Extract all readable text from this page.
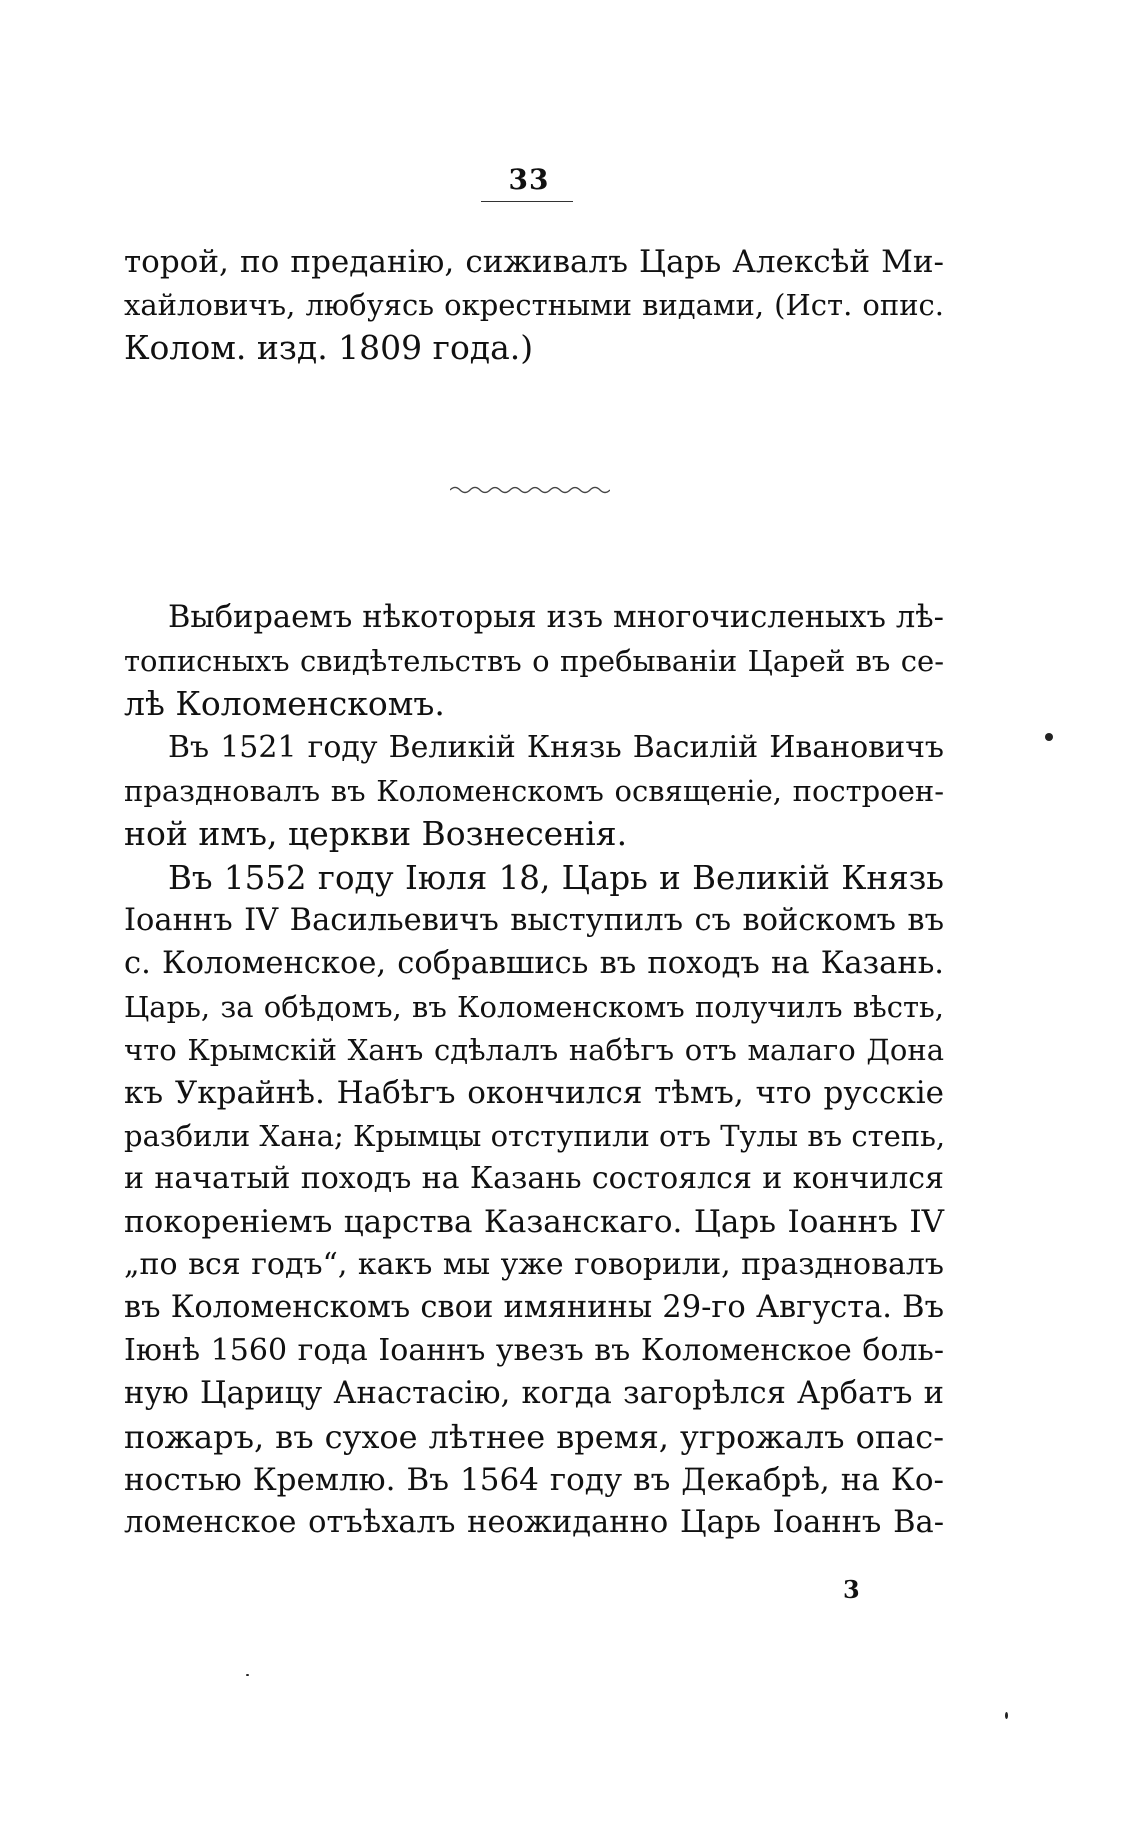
33

торой, по преданію, сиживалъ Царь Алексѣй Ми-

хайловичъ, любуясь окрестными видами, (Ист. опис.

Колом. изд. 1809 года.)

Выбираемъ нѣкоторыя изъ многочисленыхъ лѣ-

тописныхъ свидѣтельствъ о пребываніи Царей въ се-

лѣ Коломенскомъ.

Въ 1521 году Великій Князь Василій Ивановичъ

праздновалъ въ Коломенскомъ освященіе, построен-

ной имъ, церкви Вознесенія.

Въ 1552 году Іюля 18, Царь и Великій Князь

Іоаннъ IV Васильевичъ выступилъ съ войскомъ въ

с. Коломенское, собравшись въ походъ на Казань.

Царь, за обѣдомъ, въ Коломенскомъ получилъ вѣсть,

что Крымскій Ханъ сдѣлалъ набѣгъ отъ малаго Дона

къ Украйнѣ. Набѣгъ окончился тѣмъ, что русскіе

разбили Хана; Крымцы отступили отъ Тулы въ степь,

и начатый походъ на Казань состоялся и кончился

покореніемъ царства Казанскаго. Царь Іоаннъ IV

„по вся годъ“, какъ мы уже говорили, праздновалъ

въ Коломенскомъ свои имянины 29-го Августа. Въ

Іюнѣ 1560 года Іоаннъ увезъ въ Коломенское боль-

ную Царицу Анастасію, когда загорѣлся Арбатъ и

пожаръ, въ сухое лѣтнее время, угрожалъ опас-

ностью Кремлю. Въ 1564 году въ Декабрѣ, на Ко-

ломенское отъѣхалъ неожиданно Царь Іоаннъ Ва-

3
